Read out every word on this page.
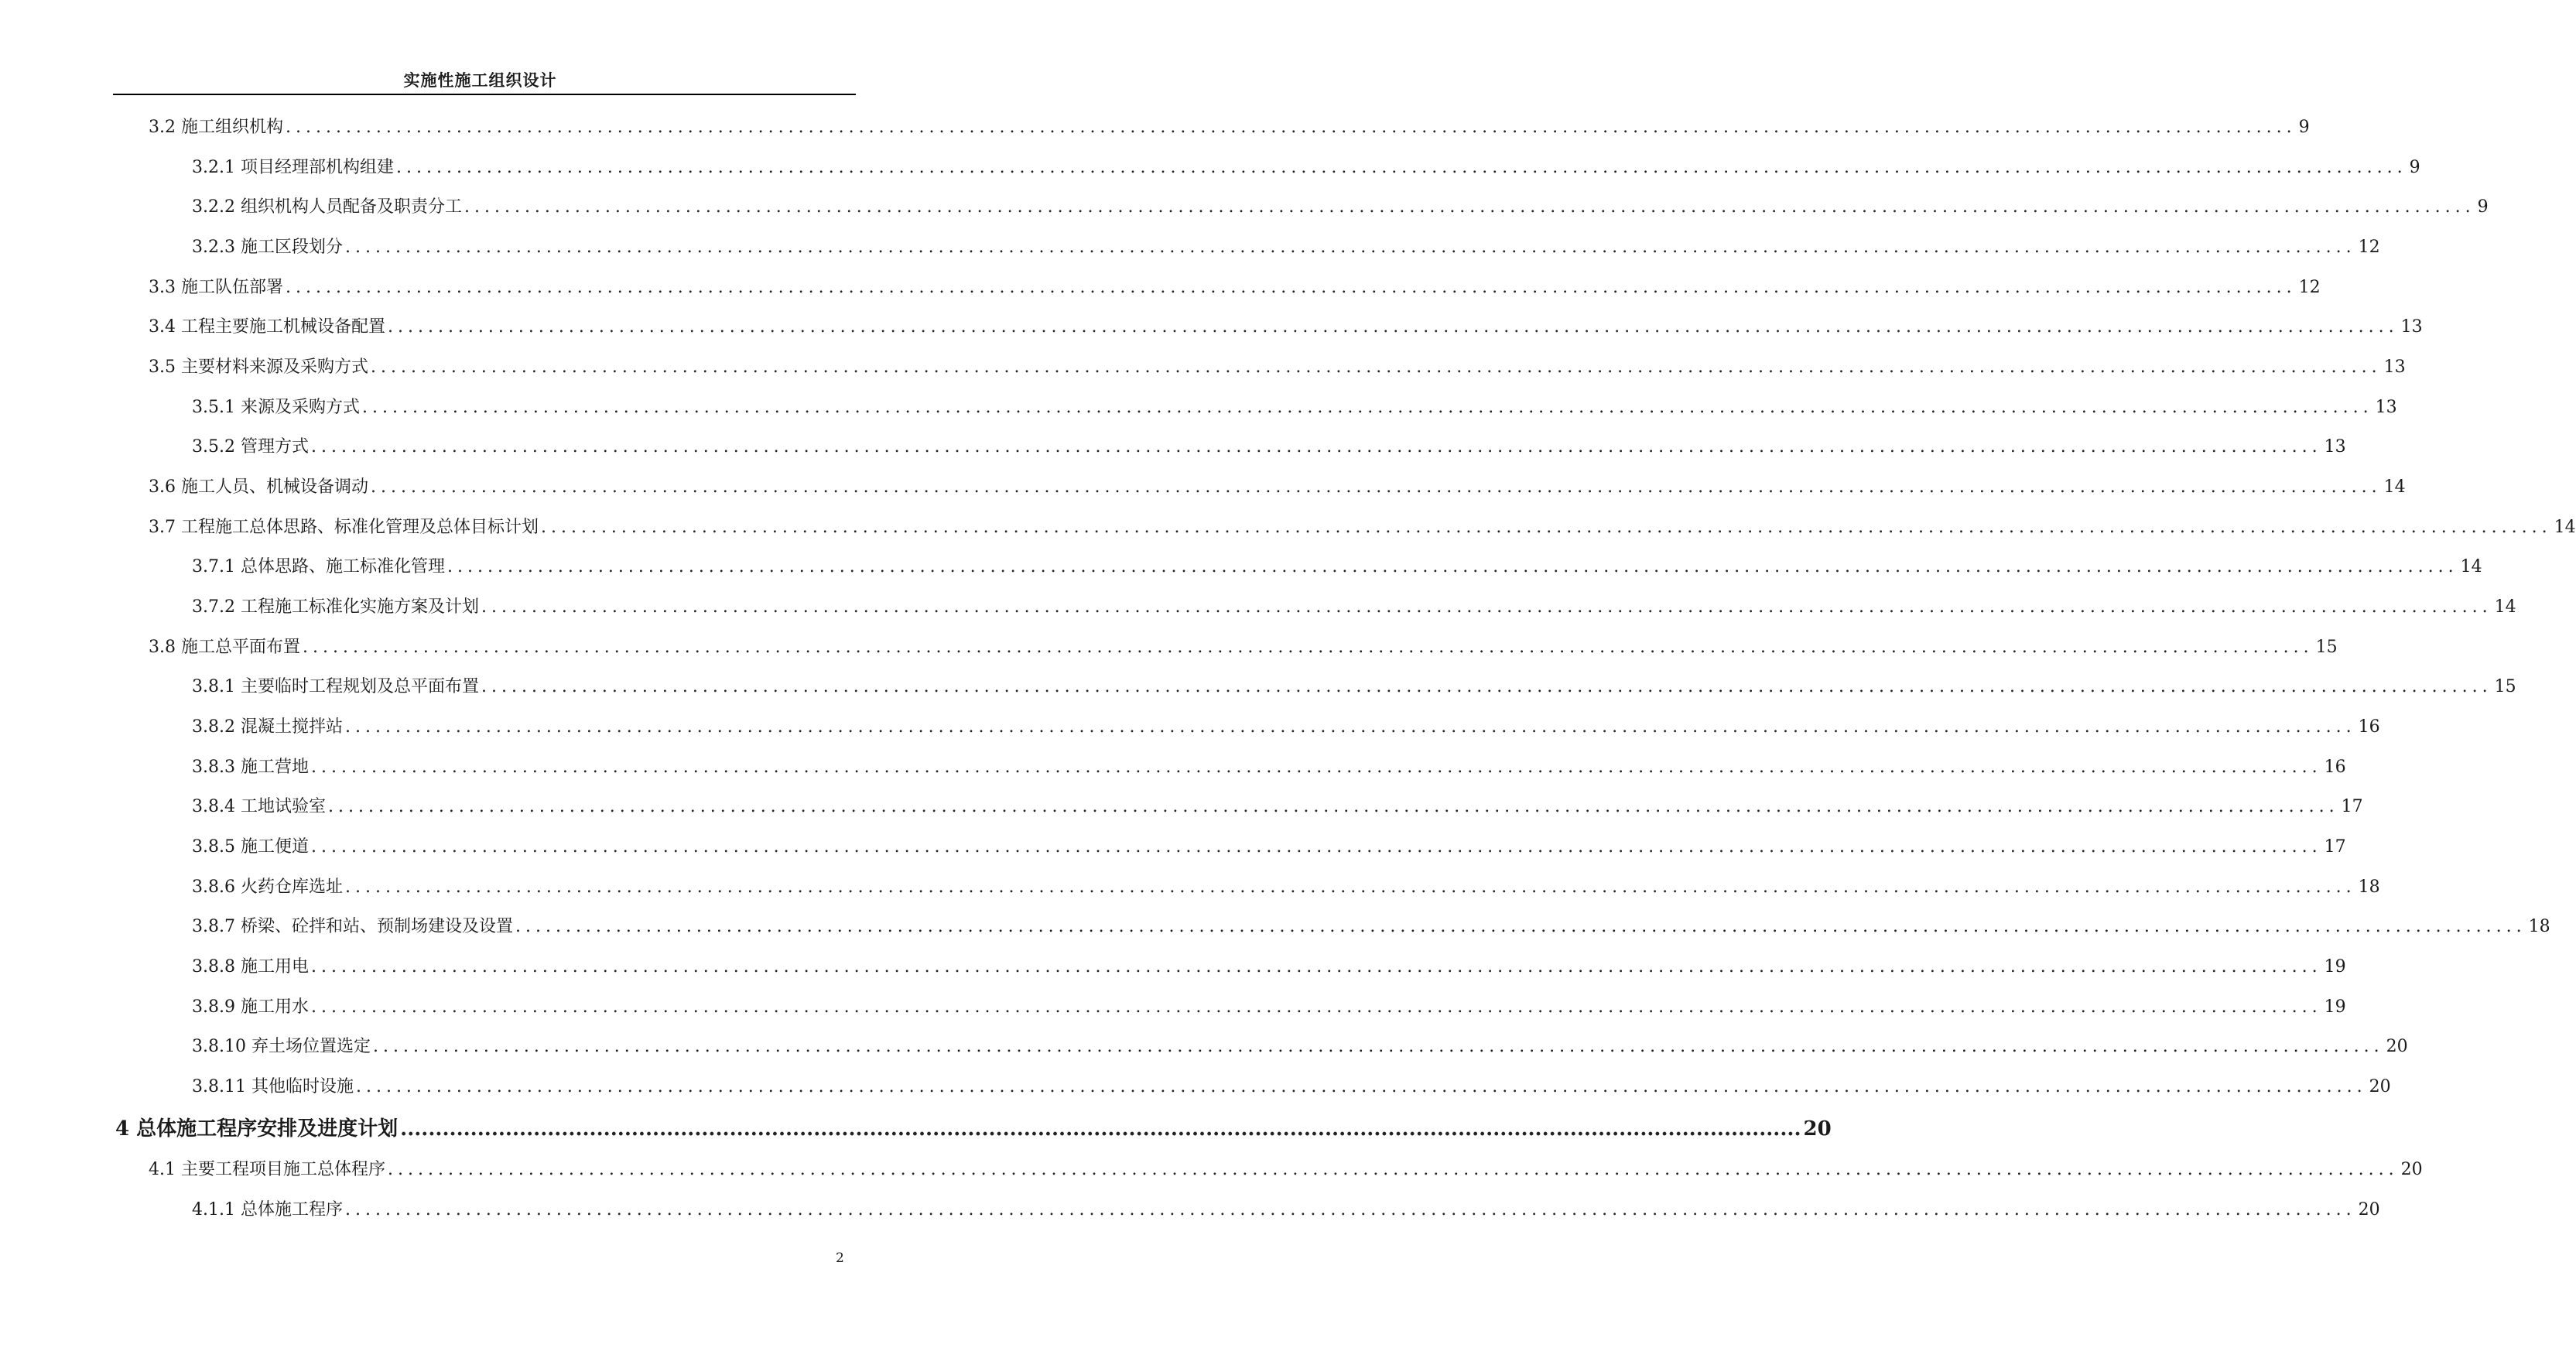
实施性施工组织设计
3.2 施工组织机构 ........................................................................................................................................................................................................ 9
3.2.1 项目经理部机构组建 ........................................................................................................................................................................................................ 9
3.2.2 组织机构人员配备及职责分工 ........................................................................................................................................................................................................ 9
3.2.3 施工区段划分 ........................................................................................................................................................................................................ 12
3.3 施工队伍部署 ........................................................................................................................................................................................................ 12
3.4 工程主要施工机械设备配置 ........................................................................................................................................................................................................ 13
3.5 主要材料来源及采购方式 ........................................................................................................................................................................................................ 13
3.5.1 来源及采购方式 ........................................................................................................................................................................................................ 13
3.5.2 管理方式 ........................................................................................................................................................................................................ 13
3.6 施工人员、机械设备调动 ........................................................................................................................................................................................................ 14
3.7 工程施工总体思路、标准化管理及总体目标计划 ........................................................................................................................................................................................................ 14
3.7.1 总体思路、施工标准化管理 ........................................................................................................................................................................................................ 14
3.7.2 工程施工标准化实施方案及计划 ........................................................................................................................................................................................................ 14
3.8 施工总平面布置 ........................................................................................................................................................................................................ 15
3.8.1 主要临时工程规划及总平面布置 ........................................................................................................................................................................................................ 15
3.8.2 混凝土搅拌站 ........................................................................................................................................................................................................ 16
3.8.3 施工营地 ........................................................................................................................................................................................................ 16
3.8.4 工地试验室 ........................................................................................................................................................................................................ 17
3.8.5 施工便道 ........................................................................................................................................................................................................ 17
3.8.6 火药仓库选址 ........................................................................................................................................................................................................ 18
3.8.7 桥梁、砼拌和站、预制场建设及设置 ........................................................................................................................................................................................................ 18
3.8.8 施工用电 ........................................................................................................................................................................................................ 19
3.8.9 施工用水 ........................................................................................................................................................................................................ 19
3.8.10 弃土场位置选定 ........................................................................................................................................................................................................ 20
3.8.11 其他临时设施 ........................................................................................................................................................................................................ 20
4 总体施工程序安排及进度计划 ........................................................................................................................................................................................................ 20
4.1 主要工程项目施工总体程序 ........................................................................................................................................................................................................ 20
4.1.1 总体施工程序 ........................................................................................................................................................................................................ 20
2
